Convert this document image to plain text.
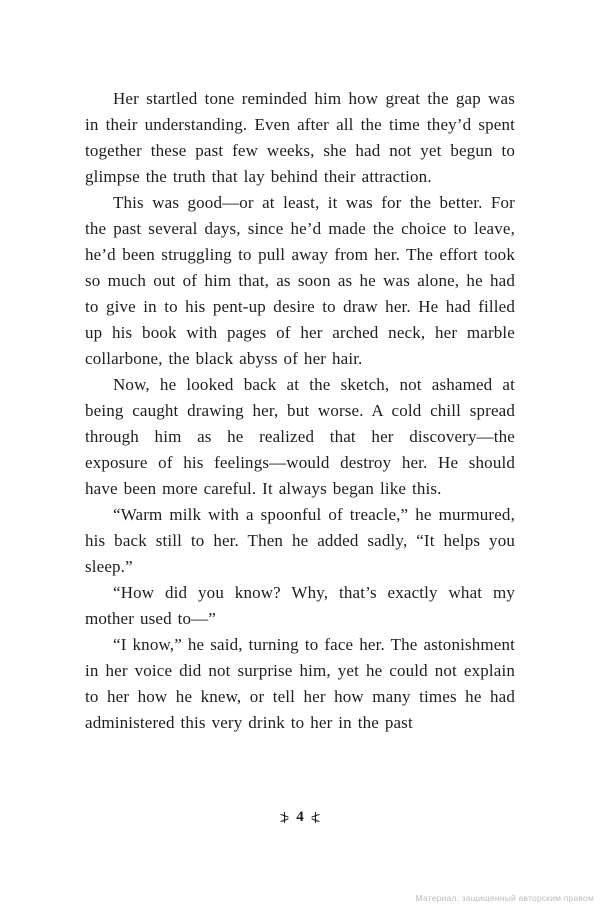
Her startled tone reminded him how great the gap was in their understanding. Even after all the time they’d spent together these past few weeks, she had not yet begun to glimpse the truth that lay behind their attraction.

This was good—or at least, it was for the better. For the past several days, since he’d made the choice to leave, he’d been struggling to pull away from her. The effort took so much out of him that, as soon as he was alone, he had to give in to his pent-up desire to draw her. He had filled up his book with pages of her arched neck, her marble collarbone, the black abyss of her hair.

Now, he looked back at the sketch, not ashamed at being caught drawing her, but worse. A cold chill spread through him as he realized that her discovery—the exposure of his feelings—would destroy her. He should have been more careful. It always began like this.

“Warm milk with a spoonful of treacle,” he murmured, his back still to her. Then he added sadly, “It helps you sleep.”

“How did you know? Why, that’s exactly what my mother used to—”

“I know,” he said, turning to face her. The astonishment in her voice did not surprise him, yet he could not explain to her how he knew, or tell her how many times he had administered this very drink to her in the past

4
Материал, защищенный авторским правом
